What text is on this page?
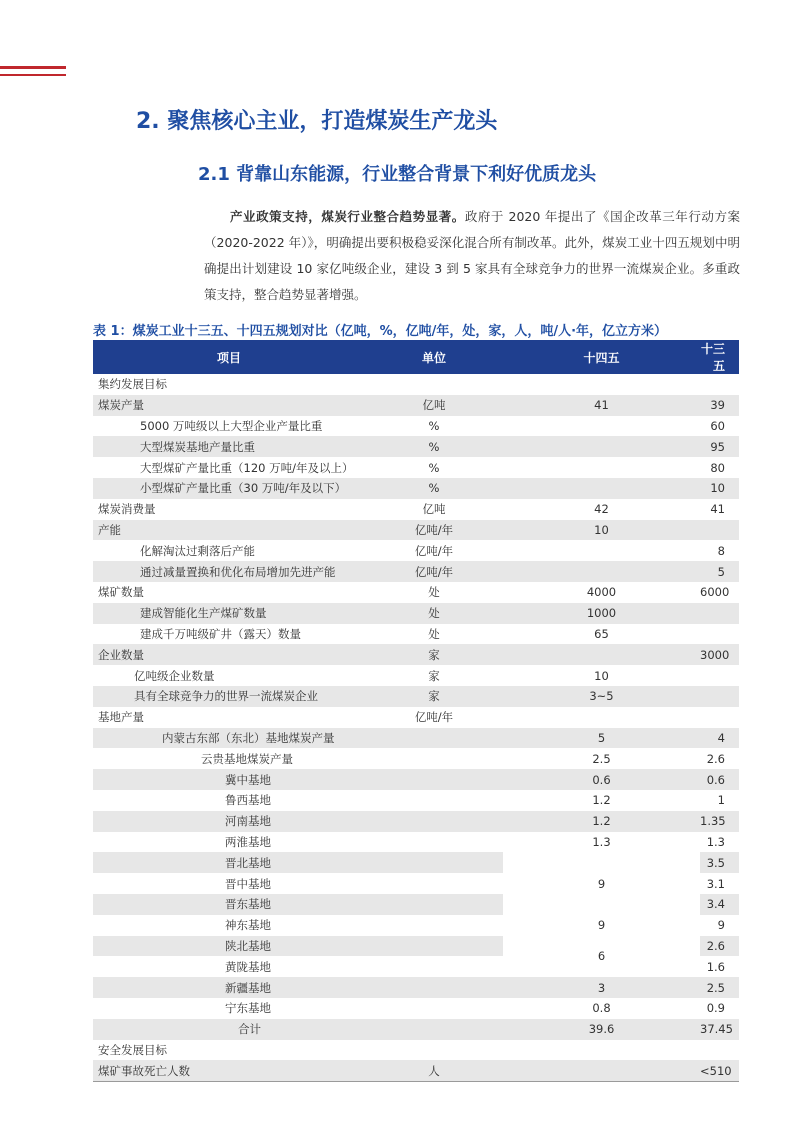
2. 聚焦核心主业，打造煤炭生产龙头
2.1 背靠山东能源，行业整合背景下利好优质龙头
产业政策支持，煤炭行业整合趋势显著。政府于 2020 年提出了《国企改革三年行动方案（2020-2022 年）》，明确提出要积极稳妥深化混合所有制改革。此外，煤炭工业十四五规划中明确提出计划建设 10 家亿吨级企业，建设 3 到 5 家具有全球竞争力的世界一流煤炭企业。多重政策支持，整合趋势显著增强。
表 1：煤炭工业十三五、十四五规划对比（亿吨，%，亿吨/年，处，家，人，吨/人·年，亿立方米）
项目	单位	十四五	十三五
集约发展目标			
煤炭产量	亿吨	41	39
5000 万吨级以上大型企业产量比重	%		60
大型煤炭基地产量比重	%		95
大型煤矿产量比重（120 万吨/年及以上）	%		80
小型煤矿产量比重（30 万吨/年及以下）	%		10
煤炭消费量	亿吨	42	41
产能	亿吨/年	10	
化解淘汰过剩落后产能	亿吨/年		8
通过减量置换和优化布局增加先进产能	亿吨/年		5
煤矿数量	处	4000	6000
建成智能化生产煤矿数量	处	1000	
建成千万吨级矿井（露天）数量	处	65	
企业数量	家		3000
亿吨级企业数量	家	10	
具有全球竞争力的世界一流煤炭企业	家	3~5	
基地产量	亿吨/年		
内蒙古东部（东北）基地煤炭产量		5	4
云贵基地煤炭产量		2.5	2.6
冀中基地		0.6	0.6
鲁西基地		1.2	1
河南基地		1.2	1.35
两淮基地		1.3	1.3
晋北基地		9	3.5
晋中基地			3.1
晋东基地			3.4
神东基地		9	9
陕北基地		6	2.6
黄陇基地			1.6
新疆基地		3	2.5
宁东基地		0.8	0.9
合计		39.6	37.45
安全发展目标			
煤矿事故死亡人数	人		<510
